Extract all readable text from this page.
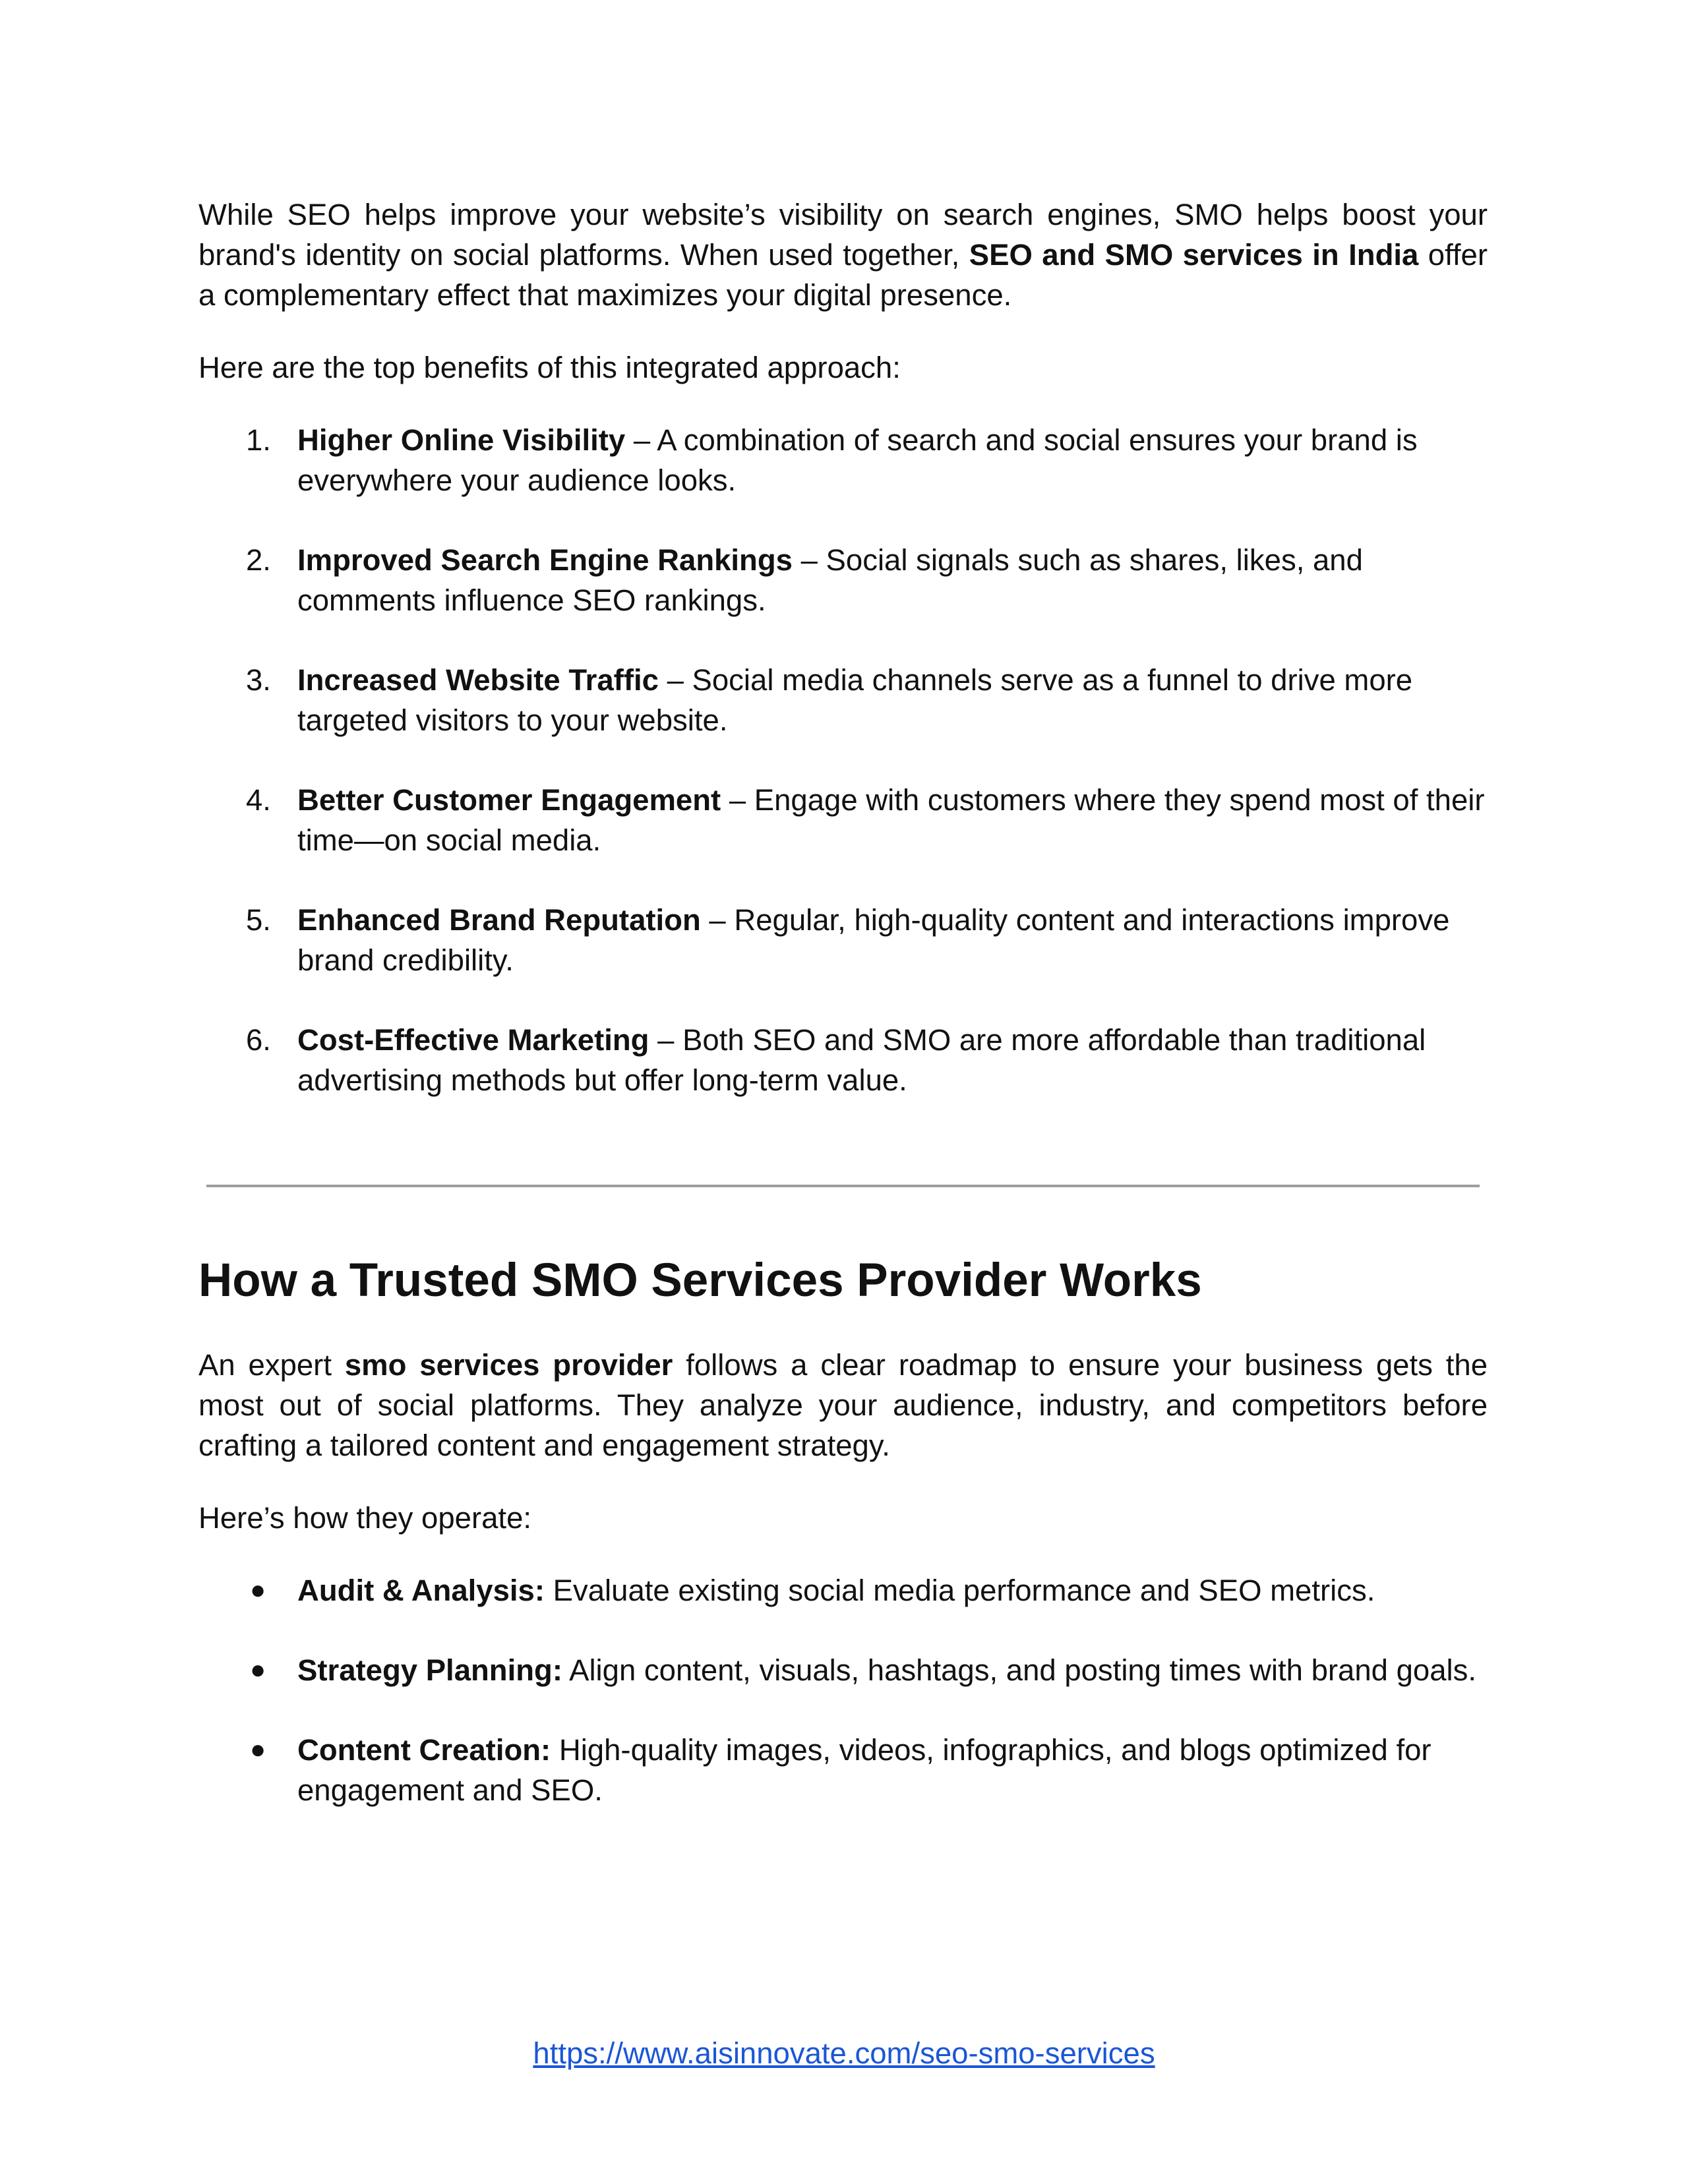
While SEO helps improve your website’s visibility on search engines, SMO helps boost your brand's identity on social platforms. When used together, SEO and SMO services in India offer a complementary effect that maximizes your digital presence.

Here are the top benefits of this integrated approach:

1. Higher Online Visibility – A combination of search and social ensures your brand is everywhere your audience looks.
2. Improved Search Engine Rankings – Social signals such as shares, likes, and comments influence SEO rankings.
3. Increased Website Traffic – Social media channels serve as a funnel to drive more targeted visitors to your website.
4. Better Customer Engagement – Engage with customers where they spend most of their time—on social media.
5. Enhanced Brand Reputation – Regular, high-quality content and interactions improve brand credibility.
6. Cost-Effective Marketing – Both SEO and SMO are more affordable than traditional advertising methods but offer long-term value.
How a Trusted SMO Services Provider Works

An expert smo services provider follows a clear roadmap to ensure your business gets the most out of social platforms. They analyze your audience, industry, and competitors before crafting a tailored content and engagement strategy.

Here’s how they operate:

● Audit & Analysis: Evaluate existing social media performance and SEO metrics.
● Strategy Planning: Align content, visuals, hashtags, and posting times with brand goals.
● Content Creation: High-quality images, videos, infographics, and blogs optimized for engagement and SEO.
https://www.aisinnovate.com/seo-smo-services
